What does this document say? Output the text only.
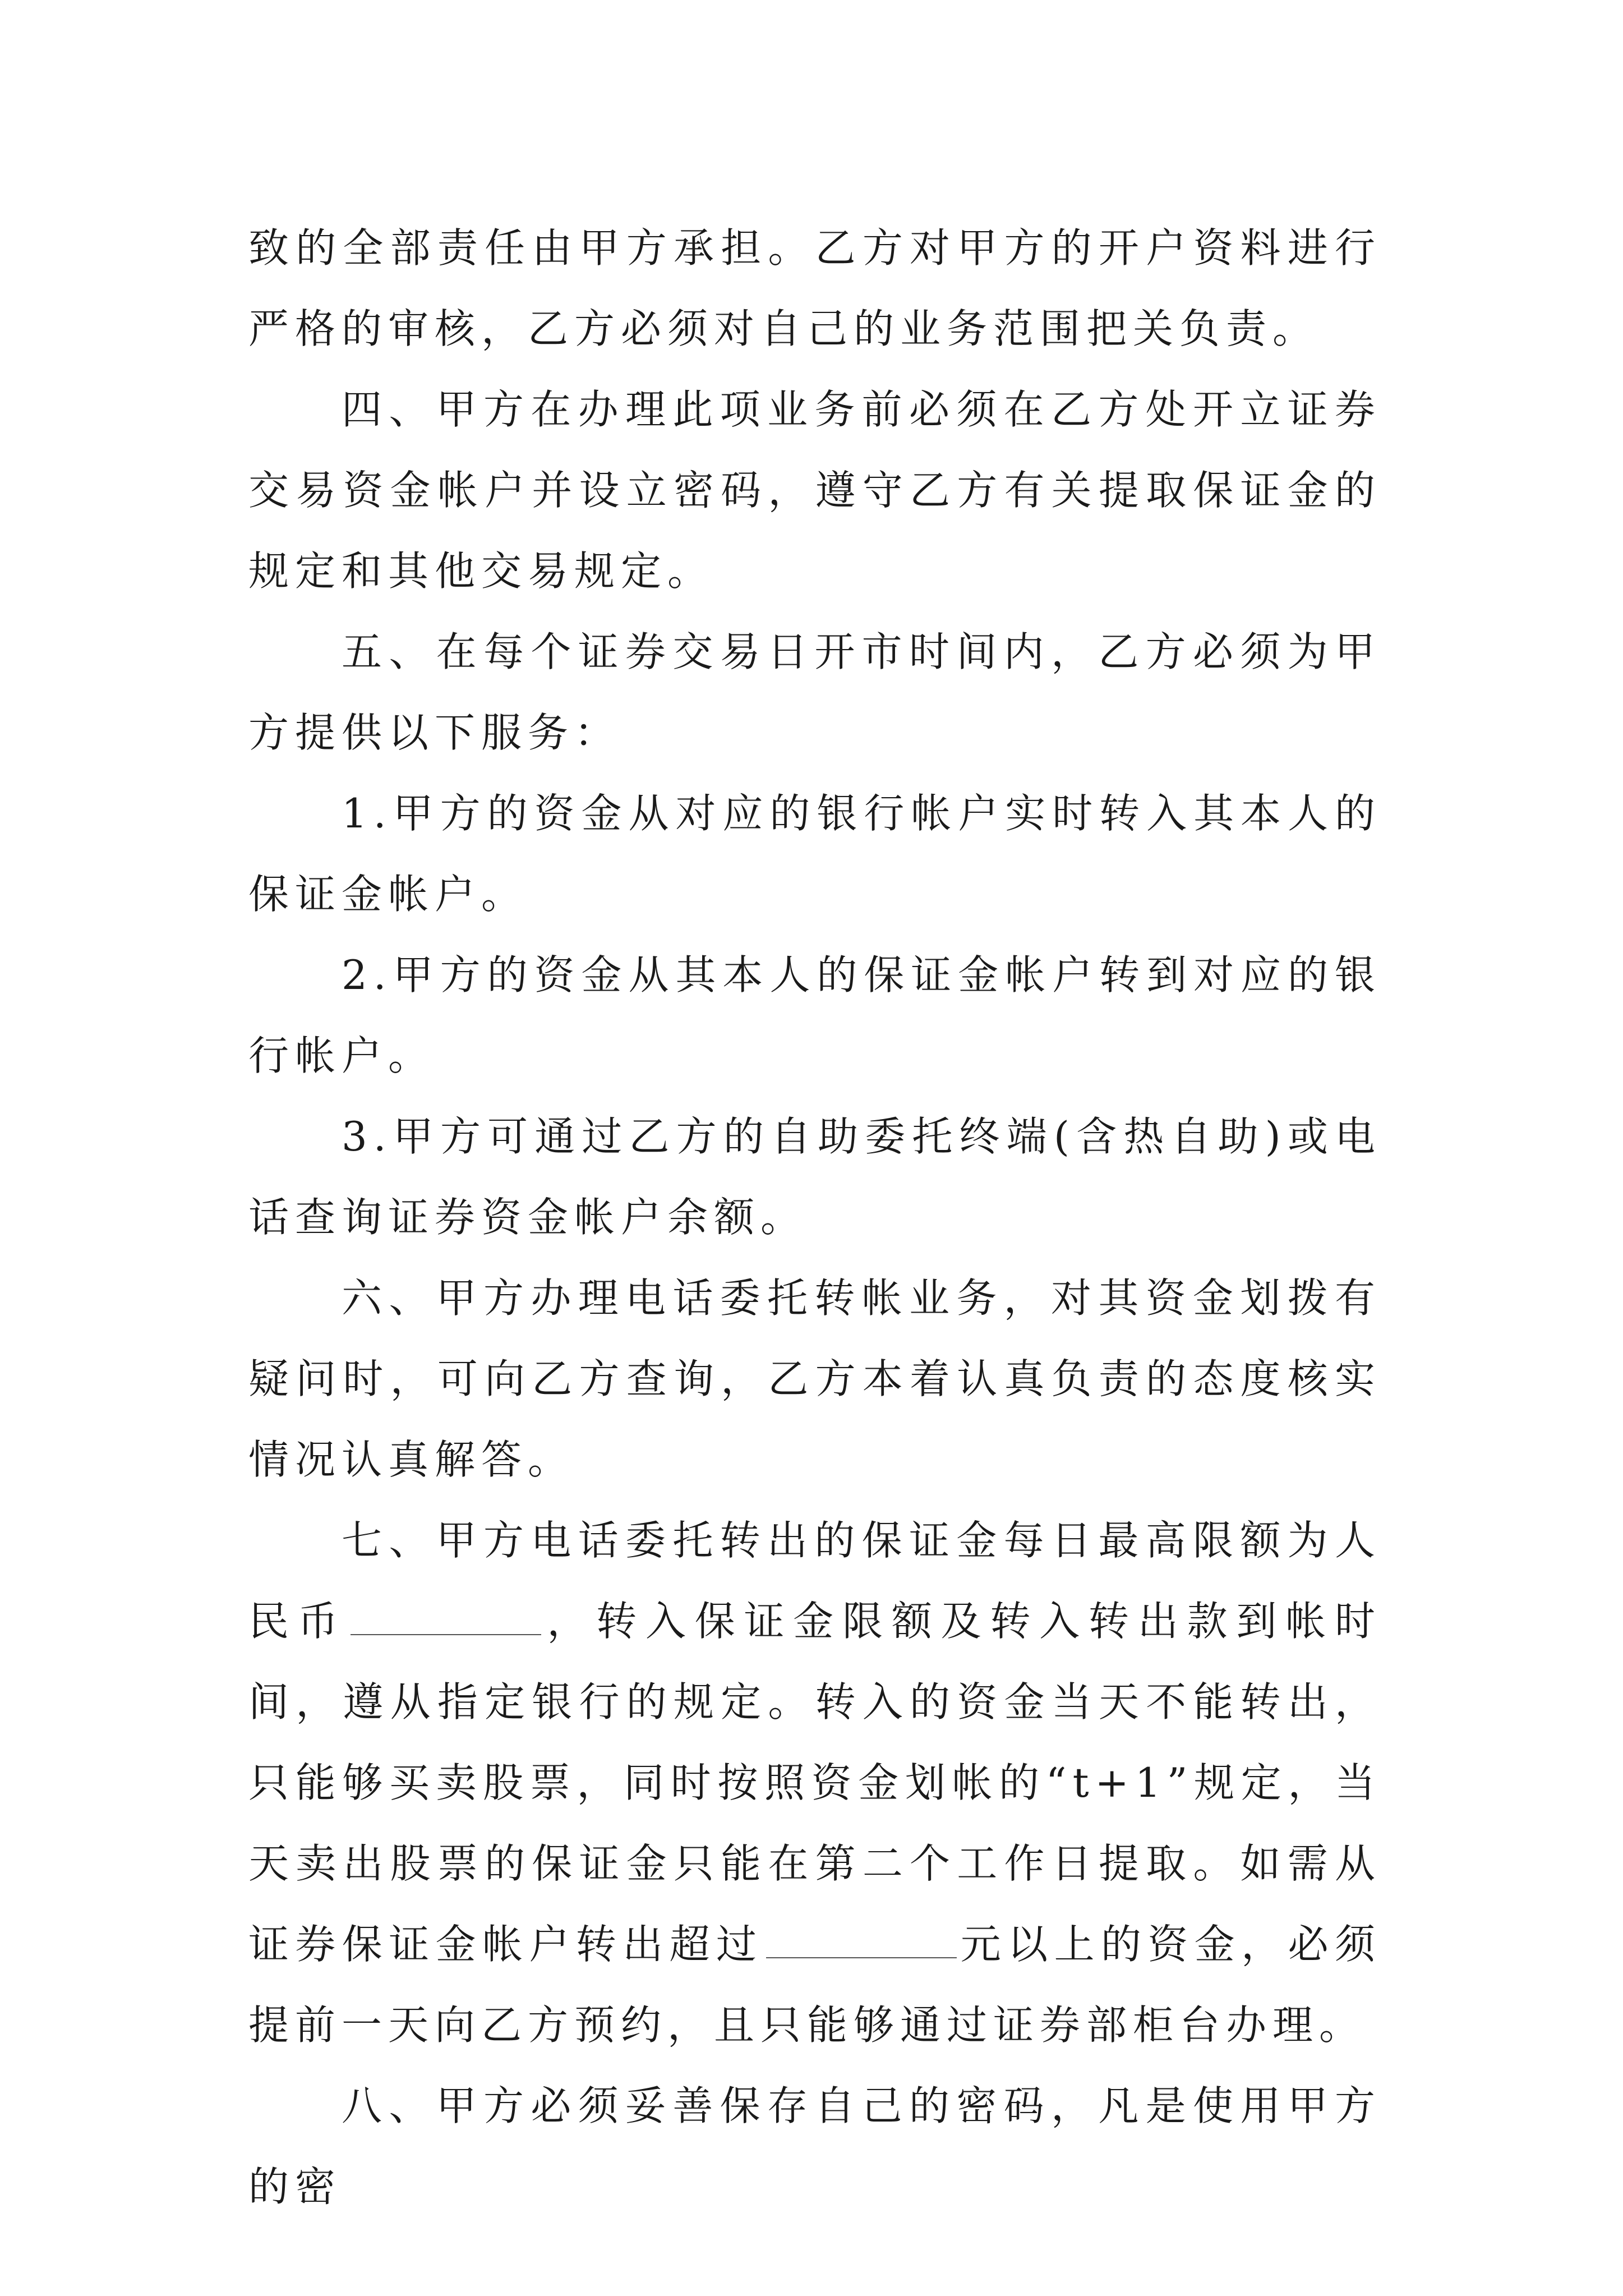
致的全部责任由甲方承担。乙方对甲方的开户资料进行严格的审核，乙方必须对自己的业务范围把关负责。

四、甲方在办理此项业务前必须在乙方处开立证券交易资金帐户并设立密码，遵守乙方有关提取保证金的规定和其他交易规定。

五、在每个证券交易日开市时间内，乙方必须为甲方提供以下服务：

1.甲方的资金从对应的银行帐户实时转入其本人的保证金帐户。

2.甲方的资金从其本人的保证金帐户转到对应的银行帐户。

3.甲方可通过乙方的自助委托终端(含热自助)或电话查询证券资金帐户余额。

六、甲方办理电话委托转帐业务，对其资金划拨有疑问时，可向乙方查询，乙方本着认真负责的态度核实情况认真解答。

七、甲方电话委托转出的保证金每日最高限额为人民币	，转入保证金限额及转入转出款到帐时间，遵从指定银行的规定。转入的资金当天不能转出，只能够买卖股票，同时按照资金划帐的“t+1”规定，当天卖出股票的保证金只能在第二个工作日提取。如需从证券保证金帐户转出超过	元以上的资金，必须提前一天向乙方预约，且只能够通过证券部柜台办理。

八、甲方必须妥善保存自己的密码，凡是使用甲方的密
